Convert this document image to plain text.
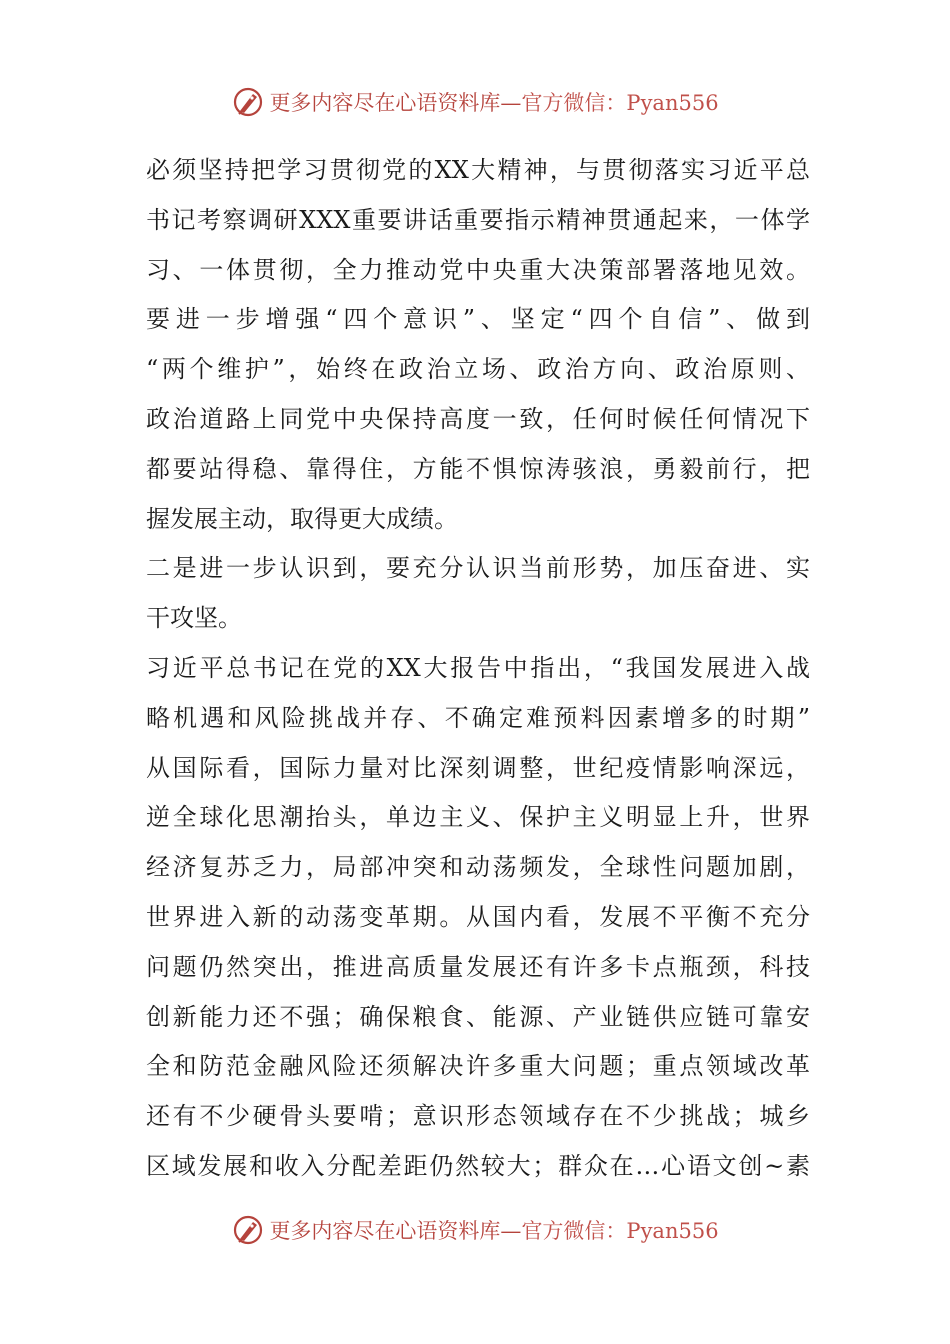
更多内容尽在心语资料库—官方微信：Pyan556
必须坚持把学习贯彻党的XX大精神，与贯彻落实习近平总
书记考察调研XXX重要讲话重要指示精神贯通起来，一体学
习、一体贯彻，全力推动党中央重大决策部署落地见效。
要进一步增强“四个意识”、坚定“四个自信”、做到
“两个维护”，始终在政治立场、政治方向、政治原则、
政治道路上同党中央保持高度一致，任何时候任何情况下
都要站得稳、靠得住，方能不惧惊涛骇浪，勇毅前行，把
握发展主动，取得更大成绩。
二是进一步认识到，要充分认识当前形势，加压奋进、实
干攻坚。
习近平总书记在党的XX大报告中指出，“我国发展进入战
略机遇和风险挑战并存、不确定难预料因素增多的时期”
从国际看，国际力量对比深刻调整，世纪疫情影响深远，
逆全球化思潮抬头，单边主义、保护主义明显上升，世界
经济复苏乏力，局部冲突和动荡频发，全球性问题加剧，
世界进入新的动荡变革期。从国内看，发展不平衡不充分
问题仍然突出，推进高质量发展还有许多卡点瓶颈，科技
创新能力还不强；确保粮食、能源、产业链供应链可靠安
全和防范金融风险还须解决许多重大问题；重点领域改革
还有不少硬骨头要啃；意识形态领域存在不少挑战；城乡
区域发展和收入分配差距仍然较大；群众在…心语文创~素
更多内容尽在心语资料库—官方微信：Pyan556
